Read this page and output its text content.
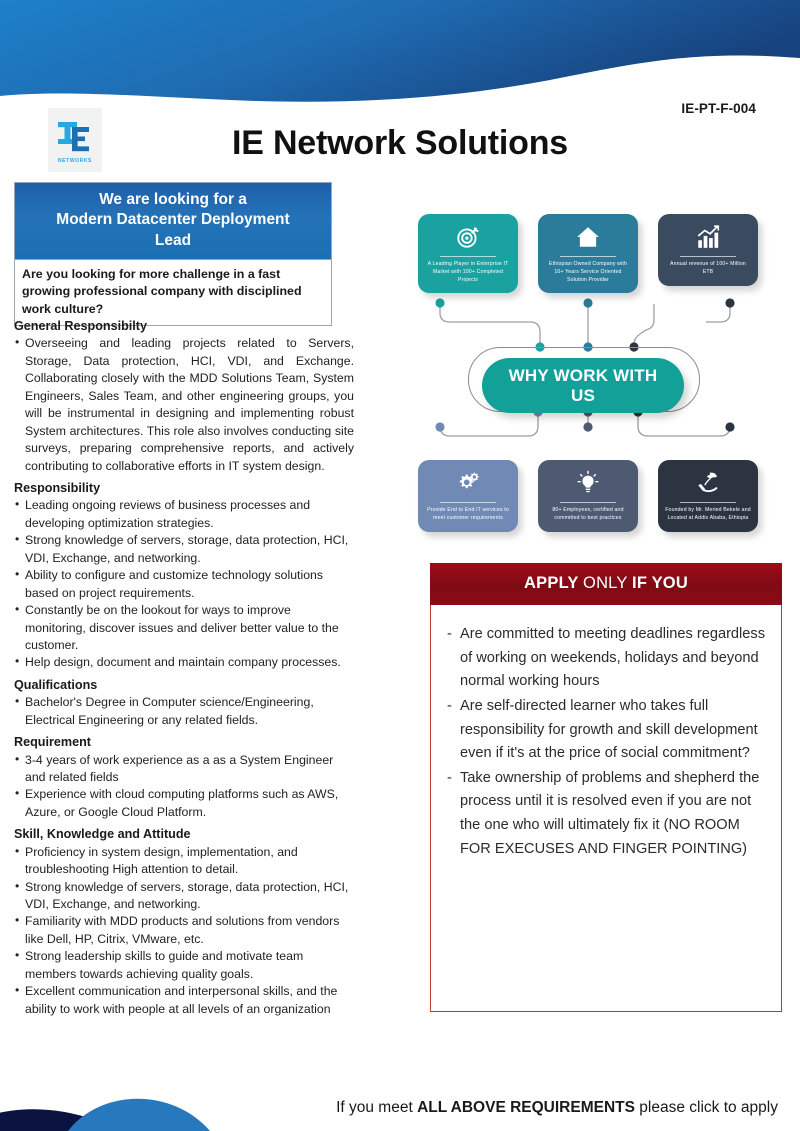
IE-PT-F-004
NETWORKS	IE Network Solutions
We are looking for a
Modern Datacenter Deployment
Lead
Are you looking for more challenge in a fast growing professional company with disciplined work culture?
General Responsibilty
• Overseeing and leading projects related to Servers, Storage, Data protection, HCI, VDI, and Exchange. Collaborating closely with the MDD Solutions Team, System Engineers, Sales Team, and other engineering groups, you will be instrumental in designing and implementing robust System architectures. This role also involves conducting site surveys, preparing comprehensive reports, and actively contributing to collaborative efforts in IT system design.
Responsibility
• Leading ongoing reviews of business processes and developing optimization strategies.
• Strong knowledge of servers, storage, data protection, HCI, VDI, Exchange, and networking.
• Ability to configure and customize technology solutions based on project requirements.
• Constantly be on the lookout for ways to improve monitoring, discover issues and deliver better value to the customer.
• Help design, document and maintain company processes.
Qualifications
• Bachelor's Degree in Computer science/Engineering, Electrical Engineering or any related fields.
Requirement
• 3-4 years of work experience as a as a System Engineer and related fields
• Experience with cloud computing platforms such as AWS, Azure, or Google Cloud Platform.
Skill, Knowledge and Attitude
• Proficiency in system design, implementation, and troubleshooting High attention to detail.
• Strong knowledge of servers, storage, data protection, HCI, VDI, Exchange, and networking.
• Familiarity with MDD products and solutions from vendors like Dell, HP, Citrix, VMware, etc.
• Strong leadership skills to guide and motivate team members towards achieving quality goals.
• Excellent communication and interpersonal skills, and the ability to work with people at all levels of an organization
A Leading Player in Enterprise IT Market with 100+ Completed Projects
Ethiopian Owned Company with 10+ Years Service Oriented Solution Provider
Annual revenue of 100+ Million ETB
WHY WORK WITH
US
Provide End to End IT services to meet customer requirements
80+ Employees, certified and committed to best practices
Founded by Mr. Meried Bekele and Located at Addis Ababa, Ethiopia
APPLY ONLY IF YOU
- Are committed to meeting deadlines regardless of working on weekends, holidays and beyond normal working hours
- Are self-directed learner who takes full responsibility for growth and skill development even if it's at the price of social commitment?
- Take ownership of problems and shepherd the process until it is resolved even if you are not the one who will ultimately fix it (NO ROOM FOR EXECUSES AND FINGER POINTING)
If you meet ALL ABOVE REQUIREMENTS please click to apply
